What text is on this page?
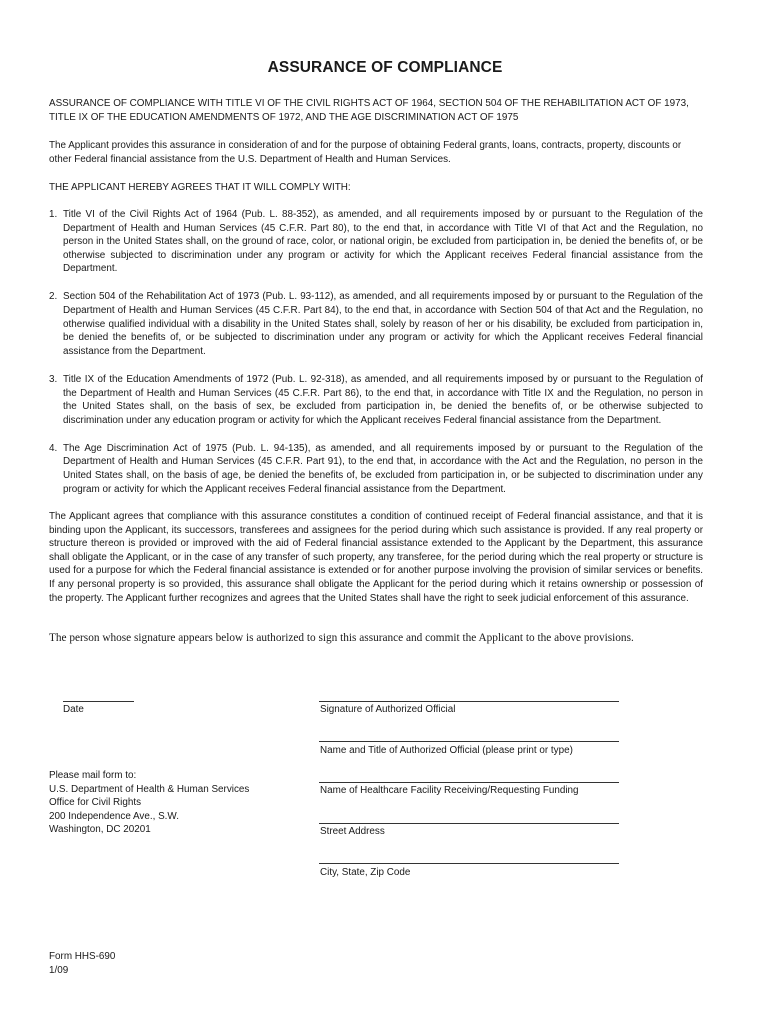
ASSURANCE OF COMPLIANCE
ASSURANCE OF COMPLIANCE WITH TITLE VI OF THE CIVIL RIGHTS ACT OF 1964, SECTION 504 OF THE REHABILITATION ACT OF 1973, TITLE IX OF THE EDUCATION AMENDMENTS OF 1972, AND THE AGE DISCRIMINATION ACT OF 1975
The Applicant provides this assurance in consideration of and for the purpose of obtaining Federal grants, loans, contracts, property, discounts or other Federal financial assistance from the U.S. Department of Health and Human Services.
THE APPLICANT HEREBY AGREES THAT IT WILL COMPLY WITH:
1. Title VI of the Civil Rights Act of 1964 (Pub. L. 88-352), as amended, and all requirements imposed by or pursuant to the Regulation of the Department of Health and Human Services (45 C.F.R. Part 80), to the end that, in accordance with Title VI of that Act and the Regulation, no person in the United States shall, on the ground of race, color, or national origin, be excluded from participation in, be denied the benefits of, or be otherwise subjected to discrimination under any program or activity for which the Applicant receives Federal financial assistance from the Department.
2. Section 504 of the Rehabilitation Act of 1973 (Pub. L. 93-112), as amended, and all requirements imposed by or pursuant to the Regulation of the Department of Health and Human Services (45 C.F.R. Part 84), to the end that, in accordance with Section 504 of that Act and the Regulation, no otherwise qualified individual with a disability in the United States shall, solely by reason of her or his disability, be excluded from participation in, be denied the benefits of, or be subjected to discrimination under any program or activity for which the Applicant receives Federal financial assistance from the Department.
3. Title IX of the Education Amendments of 1972 (Pub. L. 92-318), as amended, and all requirements imposed by or pursuant to the Regulation of the Department of Health and Human Services (45 C.F.R. Part 86), to the end that, in accordance with Title IX and the Regulation, no person in the United States shall, on the basis of sex, be excluded from participation in, be denied the benefits of, or be otherwise subjected to discrimination under any education program or activity for which the Applicant receives Federal financial assistance from the Department.
4. The Age Discrimination Act of 1975 (Pub. L. 94-135), as amended, and all requirements imposed by or pursuant to the Regulation of the Department of Health and Human Services (45 C.F.R. Part 91), to the end that, in accordance with the Act and the Regulation, no person in the United States shall, on the basis of age, be denied the benefits of, be excluded from participation in, or be subjected to discrimination under any program or activity for which the Applicant receives Federal financial assistance from the Department.
The Applicant agrees that compliance with this assurance constitutes a condition of continued receipt of Federal financial assistance, and that it is binding upon the Applicant, its successors, transferees and assignees for the period during which such assistance is provided. If any real property or structure thereon is provided or improved with the aid of Federal financial assistance extended to the Applicant by the Department, this assurance shall obligate the Applicant, or in the case of any transfer of such property, any transferee, for the period during which the real property or structure is used for a purpose for which the Federal financial assistance is extended or for another purpose involving the provision of similar services or benefits. If any personal property is so provided, this assurance shall obligate the Applicant for the period during which it retains ownership or possession of the property. The Applicant further recognizes and agrees that the United States shall have the right to seek judicial enforcement of this assurance.
The person whose signature appears below is authorized to sign this assurance and commit the Applicant to the above provisions.
Date	Signature of Authorized Official
Name and Title of Authorized Official (please print or type)
Name of Healthcare Facility Receiving/Requesting Funding
Street Address
City, State, Zip Code
Please mail form to:
U.S. Department of Health & Human Services
Office for Civil Rights
200 Independence Ave., S.W.
Washington, DC 20201
Form HHS-690
1/09
